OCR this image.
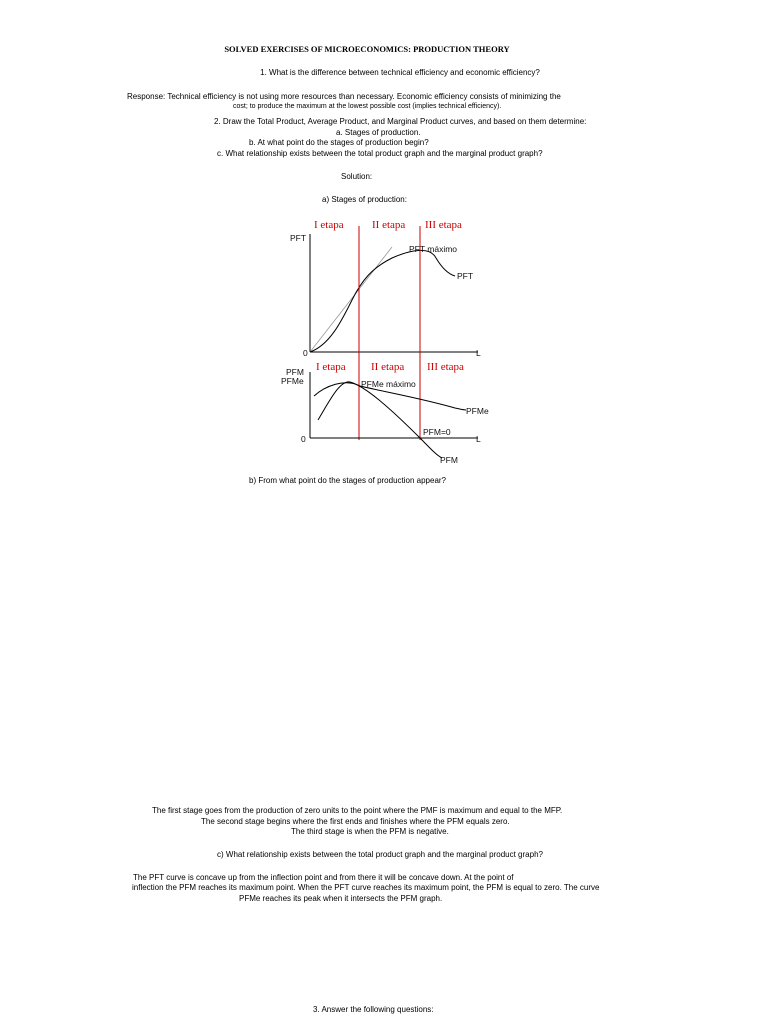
SOLVED EXERCISES OF MICROECONOMICS: PRODUCTION THEORY
1. What is the difference between technical efficiency and economic efficiency?
Response: Technical efficiency is not using more resources than necessary. Economic efficiency consists of minimizing the
cost; to produce the maximum at the lowest possible cost (implies technical efficiency).
2. Draw the Total Product, Average Product, and Marginal Product curves, and based on them determine:
a. Stages of production.
b. At what point do the stages of production begin?
c. What relationship exists between the total product graph and the marginal product graph?
Solution:
a) Stages of production:
I etapa	II etapa III etapa
PFT
PFT máximo
PFT
0	L
I etapa II etapa III etapa
PFM
PFMe	PFMe máximo
PFMe
PFM=0
PFM
0	L
b) From what point do the stages of production appear?
The first stage goes from the production of zero units to the point where the PMF is maximum and equal to the MFP.
The second stage begins where the first ends and finishes where the PFM equals zero.
The third stage is when the PFM is negative.
c) What relationship exists between the total product graph and the marginal product graph?
The PFT curve is concave up from the inflection point and from there it will be concave down. At the point of
inflection the PFM reaches its maximum point. When the PFT curve reaches its maximum point, the PFM is equal to zero. The curve
PFMe reaches its peak when it intersects the PFM graph.
3. Answer the following questions:
